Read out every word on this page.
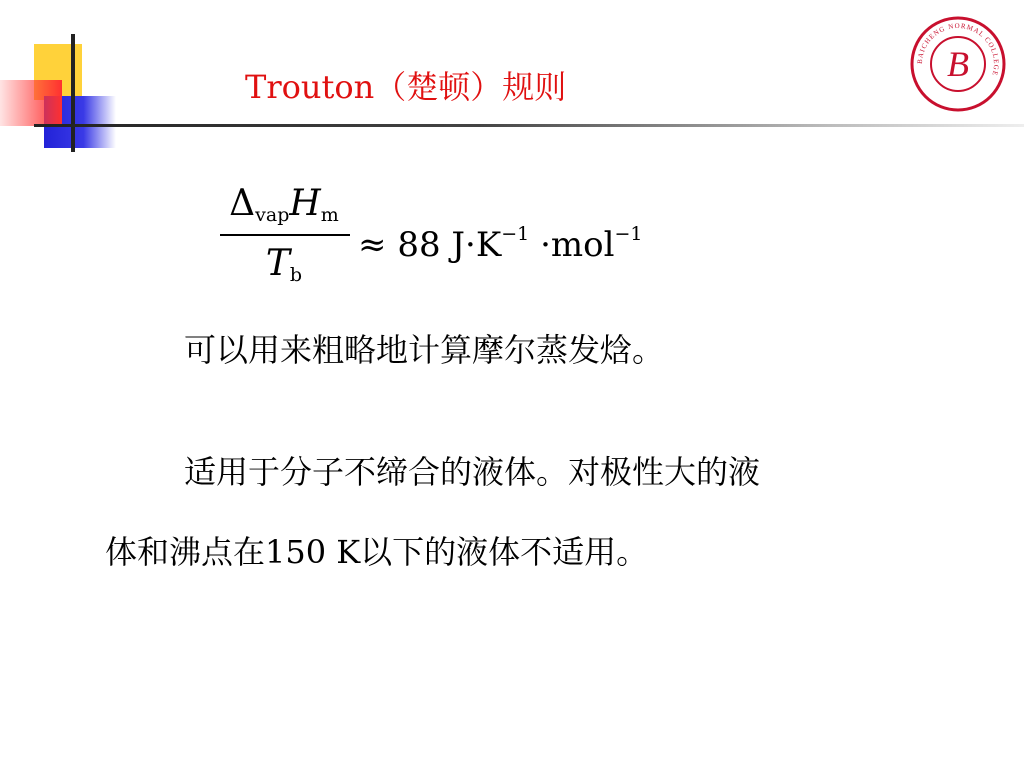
Trouton（楚顿）规则
BAICHENG NORMAL COLLEGE
B
$\Delta_{vap}H_m$
$T_b$
≈ 88 $J\cdot K^{-1} \cdot mol^{-1}$
可以用来粗略地计算摩尔蒸发焓。
适用于分子不缔合的液体。对极性大的液
体和沸点在150 K以下的液体不适用。
